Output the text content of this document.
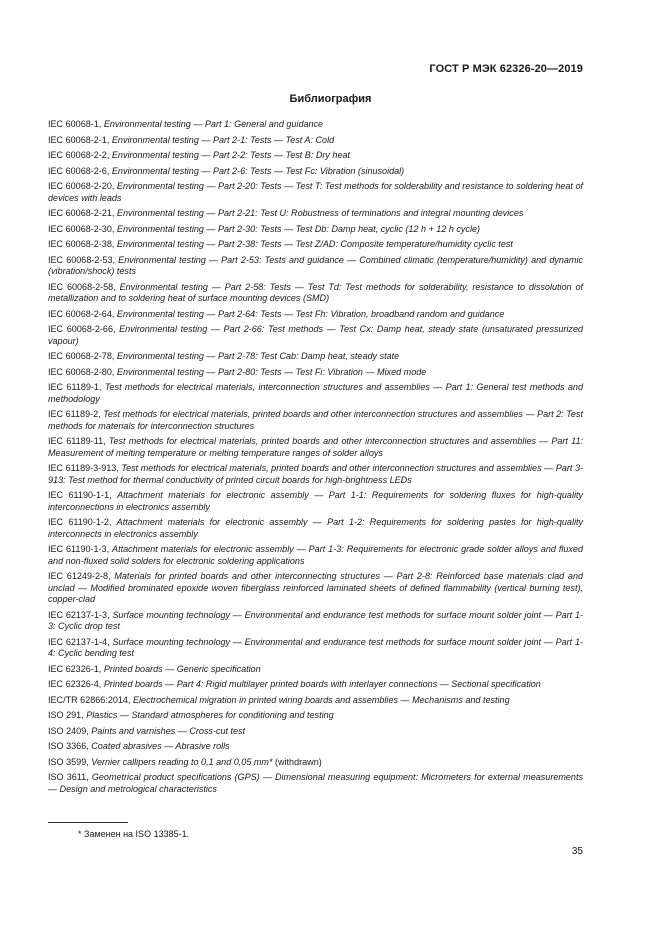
ГОСТ Р МЭК 62326-20—2019
Библиография

IEC 60068-1, Environmental testing — Part 1: General and guidance

IEC 60068-2-1, Environmental testing — Part 2-1: Tests — Test A: Cold

IEC 60068-2-2, Environmental testing — Part 2-2: Tests — Test B: Dry heat

IEC 60068-2-6, Environmental testing — Part 2-6: Tests — Test Fc: Vibration (sinusoidal)

IEC 60068-2-20, Environmental testing — Part 2-20: Tests — Test T: Test methods for solderability and resistance to soldering heat of devices with leads

IEC 60068-2-21, Environmental testing — Part 2-21: Test U: Robustness of terminations and integral mounting devices

IEC 60068-2-30, Environmental testing — Part 2-30: Tests — Test Db: Damp heat, cyclic (12 h + 12 h cycle)

IEC 60068-2-38, Environmental testing — Part 2-38: Tests — Test Z/AD: Composite temperature/humidity cyclic test

IEC 60068-2-53, Environmental testing — Part 2-53: Tests and guidance — Combined climatic (temperature/humidity) and dynamic (vibration/shock) tests

IEC 60068-2-58, Environmental testing — Part 2-58: Tests — Test Td: Test methods for solderability, resistance to dissolution of metallization and to soldering heat of surface mounting devices (SMD)

IEC 60068-2-64, Environmental testing — Part 2-64: Tests — Test Fh: Vibration, broadband random and guidance

IEC 60068-2-66, Environmental testing — Part 2-66: Test methods — Test Cx: Damp heat, steady state (unsaturated pressurized vapour)

IEC 60068-2-78, Environmental testing — Part 2-78: Test Cab: Damp heat, steady state

IEC 60068-2-80, Environmental testing — Part 2-80: Tests — Test Fi: Vibration — Mixed mode

IEC 61189-1, Test methods for electrical materials, interconnection structures and assemblies — Part 1: General test methods and methodology

IEC 61189-2, Test methods for electrical materials, printed boards and other interconnection structures and assemblies — Part 2: Test methods for materials for interconnection structures

IEC 61189-11, Test methods for electrical materials, printed boards and other interconnection structures and assemblies — Part 11: Measurement of melting temperature or melting temperature ranges of solder alloys

IEC 61189-3-913, Test methods for electrical materials, printed boards and other interconnection structures and assemblies — Part 3-913: Test method for thermal conductivity of printed circuit boards for high-brightness LEDs

IEC 61190-1-1, Attachment materials for electronic assembly — Part 1-1: Requirements for soldering fluxes for high-quality interconnections in electronics assembly

IEC 61190-1-2, Attachment materials for electronic assembly — Part 1-2: Requirements for soldering pastes for high-quality interconnects in electronics assembly

IEC 61190-1-3, Attachment materials for electronic assembly — Part 1-3: Requirements for electronic grade solder alloys and fluxed and non-fluxed solid solders for electronic soldering applications

IEC 61249-2-8, Materials for printed boards and other interconnecting structures — Part 2-8: Reinforced base materials clad and unclad — Modified brominated epoxide woven fiberglass reinforced laminated sheets of defined flammability (vertical burning test), copper-clad

IEC 62137-1-3, Surface mounting technology — Environmental and endurance test methods for surface mount solder joint — Part 1-3: Cyclic drop test

IEC 62137-1-4, Surface mounting technology — Environmental and endurance test methods for surface mount solder joint — Part 1-4: Cyclic bending test

IEC 62326-1, Printed boards — Generic specification

IEC 62326-4, Printed boards — Part 4: Rigid multilayer printed boards with interlayer connections — Sectional specification

IEC/TR 62866:2014, Electrochemical migration in printed wiring boards and assemblies — Mechanisms and testing

ISO 291, Plastics — Standard atmospheres for conditioning and testing

ISO 2409, Paints and varnishes — Cross-cut test

ISO 3366, Coated abrasives — Abrasive rolls

ISO 3599, Vernier callipers reading to 0,1 and 0,05 mm* (withdrawn)

ISO 3611, Geometrical product specifications (GPS) — Dimensional measuring equipment: Micrometers for external measurements — Design and metrological characteristics

* Заменен на ISO 13385-1.
35
